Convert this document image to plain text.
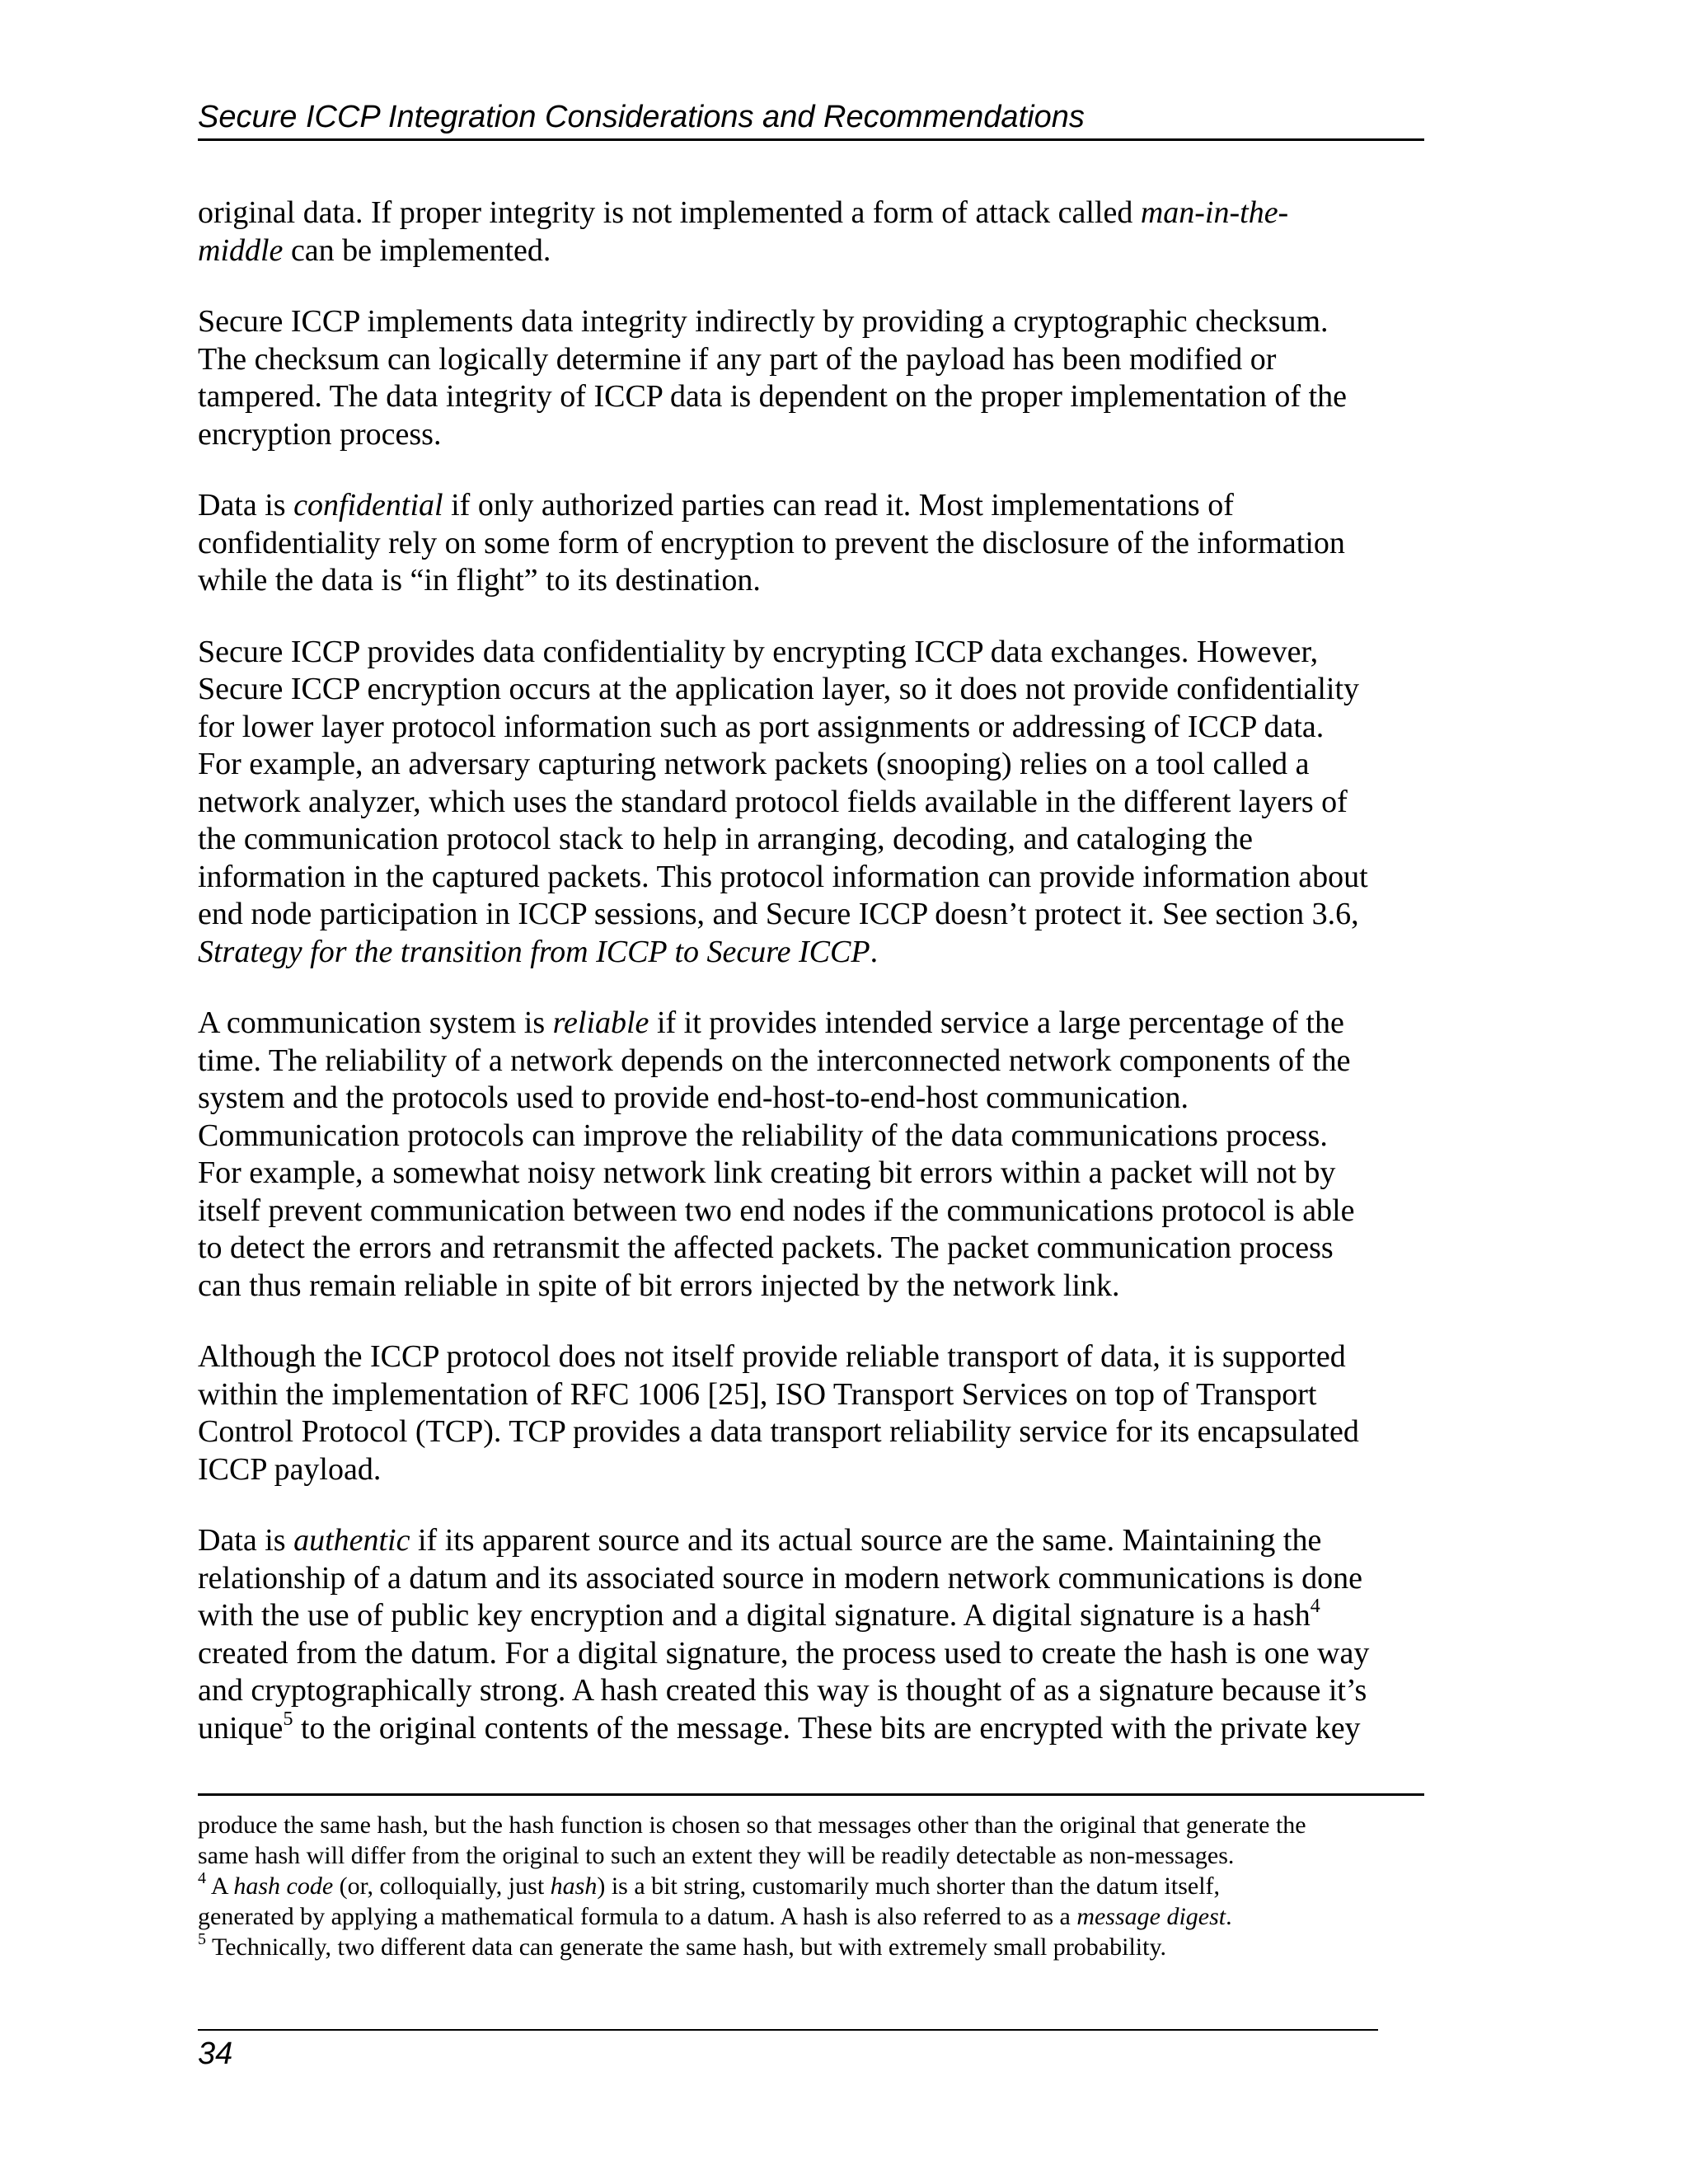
Secure ICCP Integration Considerations and Recommendations

original data. If proper integrity is not implemented a form of attack called man-in-the-
middle can be implemented.

Secure ICCP implements data integrity indirectly by providing a cryptographic checksum.
The checksum can logically determine if any part of the payload has been modified or
tampered. The data integrity of ICCP data is dependent on the proper implementation of the
encryption process.

Data is confidential if only authorized parties can read it. Most implementations of
confidentiality rely on some form of encryption to prevent the disclosure of the information
while the data is “in flight” to its destination.

Secure ICCP provides data confidentiality by encrypting ICCP data exchanges. However,
Secure ICCP encryption occurs at the application layer, so it does not provide confidentiality
for lower layer protocol information such as port assignments or addressing of ICCP data.
For example, an adversary capturing network packets (snooping) relies on a tool called a
network analyzer, which uses the standard protocol fields available in the different layers of
the communication protocol stack to help in arranging, decoding, and cataloging the
information in the captured packets. This protocol information can provide information about
end node participation in ICCP sessions, and Secure ICCP doesn’t protect it. See section 3.6,
Strategy for the transition from ICCP to Secure ICCP.

A communication system is reliable if it provides intended service a large percentage of the
time. The reliability of a network depends on the interconnected network components of the
system and the protocols used to provide end-host-to-end-host communication.
Communication protocols can improve the reliability of the data communications process.
For example, a somewhat noisy network link creating bit errors within a packet will not by
itself prevent communication between two end nodes if the communications protocol is able
to detect the errors and retransmit the affected packets. The packet communication process
can thus remain reliable in spite of bit errors injected by the network link.

Although the ICCP protocol does not itself provide reliable transport of data, it is supported
within the implementation of RFC 1006 [25], ISO Transport Services on top of Transport
Control Protocol (TCP). TCP provides a data transport reliability service for its encapsulated
ICCP payload.

Data is authentic if its apparent source and its actual source are the same. Maintaining the
relationship of a datum and its associated source in modern network communications is done
with the use of public key encryption and a digital signature. A digital signature is a hash$^4$
created from the datum. For a digital signature, the process used to create the hash is one way
and cryptographically strong. A hash created this way is thought of as a signature because it’s
unique$^5$ to the original contents of the message. These bits are encrypted with the private key

produce the same hash, but the hash function is chosen so that messages other than the original that generate the
same hash will differ from the original to such an extent they will be readily detectable as non-messages.
$^4$ A hash code (or, colloquially, just hash) is a bit string, customarily much shorter than the datum itself,
generated by applying a mathematical formula to a datum. A hash is also referred to as a message digest.
$^5$ Technically, two different data can generate the same hash, but with extremely small probability.
34
